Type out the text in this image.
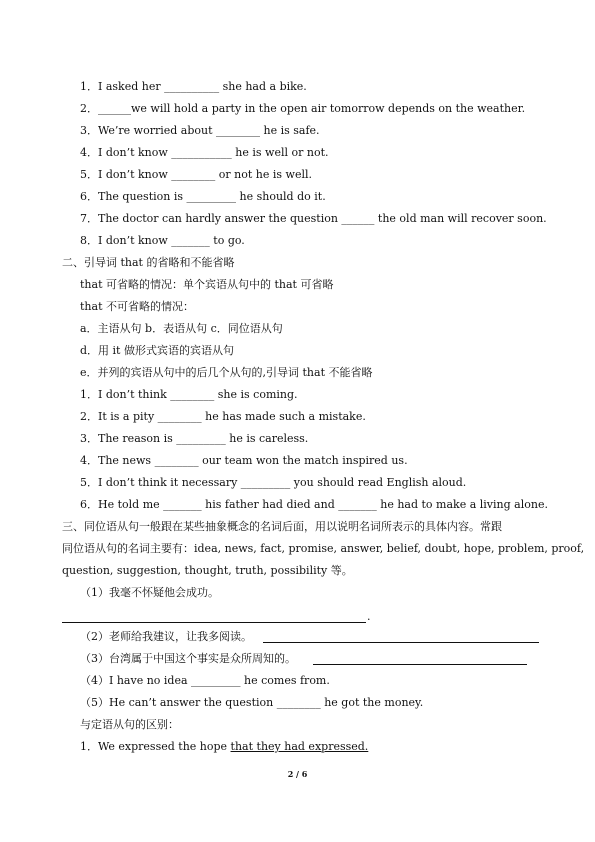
1．I asked her __________ she had a bike.
2．______we will hold a party in the open air tomorrow depends on the weather.
3．We’re worried about ________ he is safe.
4．I don’t know ___________ he is well or not.
5．I don’t know ________ or not he is well.
6．The question is _________ he should do it.
7．The doctor can hardly answer the question ______ the old man will recover soon.
8．I don’t know _______ to go.
二、引导词 that 的省略和不能省略
that 可省略的情况：单个宾语从句中的 that 可省略
that 不可省略的情况：
a．主语从句 b．表语从句 c．同位语从句
d．用 it 做形式宾语的宾语从句
e．并列的宾语从句中的后几个从句的,引导词 that 不能省略
1．I don’t think ________ she is coming.
2．It is a pity ________ he has made such a mistake.
3．The reason is _________ he is careless.
4．The news ________ our team won the match inspired us.
5．I don’t think it necessary _________ you should read English aloud.
6．He told me _______ his father had died and _______ he had to make a living alone.
三、同位语从句一般跟在某些抽象概念的名词后面，用以说明名词所表示的具体内容。常跟
同位语从句的名词主要有：idea, news, fact, promise, answer, belief, doubt, hope, problem, proof,
question, suggestion, thought, truth, possibility 等。
（1）我毫不怀疑他会成功。
.
（2）老师给我建议，让我多阅读。
（3）台湾属于中国这个事实是众所周知的。
（4）I have no idea _________ he comes from.
（5）He can’t answer the question ________ he got the money.
与定语从句的区别：
1．We expressed the hope that they had expressed.
2 / 6
